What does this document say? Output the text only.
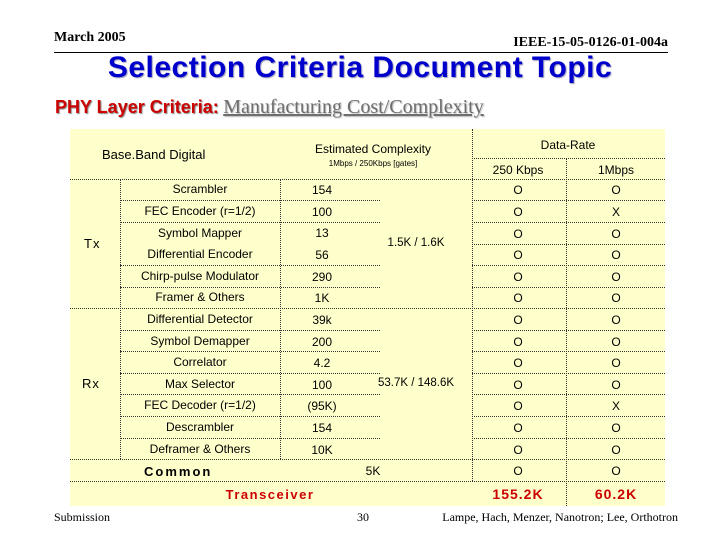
March 2005	IEEE-15-05-0126-01-004a
Selection Criteria Document Topic
PHY Layer Criteria: Manufacturing Cost/Complexity
Base.Band Digital	Estimated Complexity
1Mbps / 250Kbps [gates]
Data-Rate
250 Kbps	1Mbps
Tx
Rx
1.5K / 1.6K
53.7K / 148.6K
Scrambler	154	O	O
FEC Encoder (r=1/2)	100	O	X
Symbol Mapper	13	O	O
Differential Encoder	56	O	O
Chirp-pulse Modulator	290	O	O
Framer & Others	1K	O	O
Differential Detector	39k	O	O
Symbol Demapper	200	O	O
Correlator	4.2	O	O
Max Selector	100	O	O
FEC Decoder (r=1/2)	(95K)	O	X
Descrambler	154	O	O
Deframer & Others	10K	O	O
Common	5K	O	O
Transceiver	155.2K	60.2K
Submission	30	Lampe, Hach, Menzer, Nanotron; Lee, Orthotron
